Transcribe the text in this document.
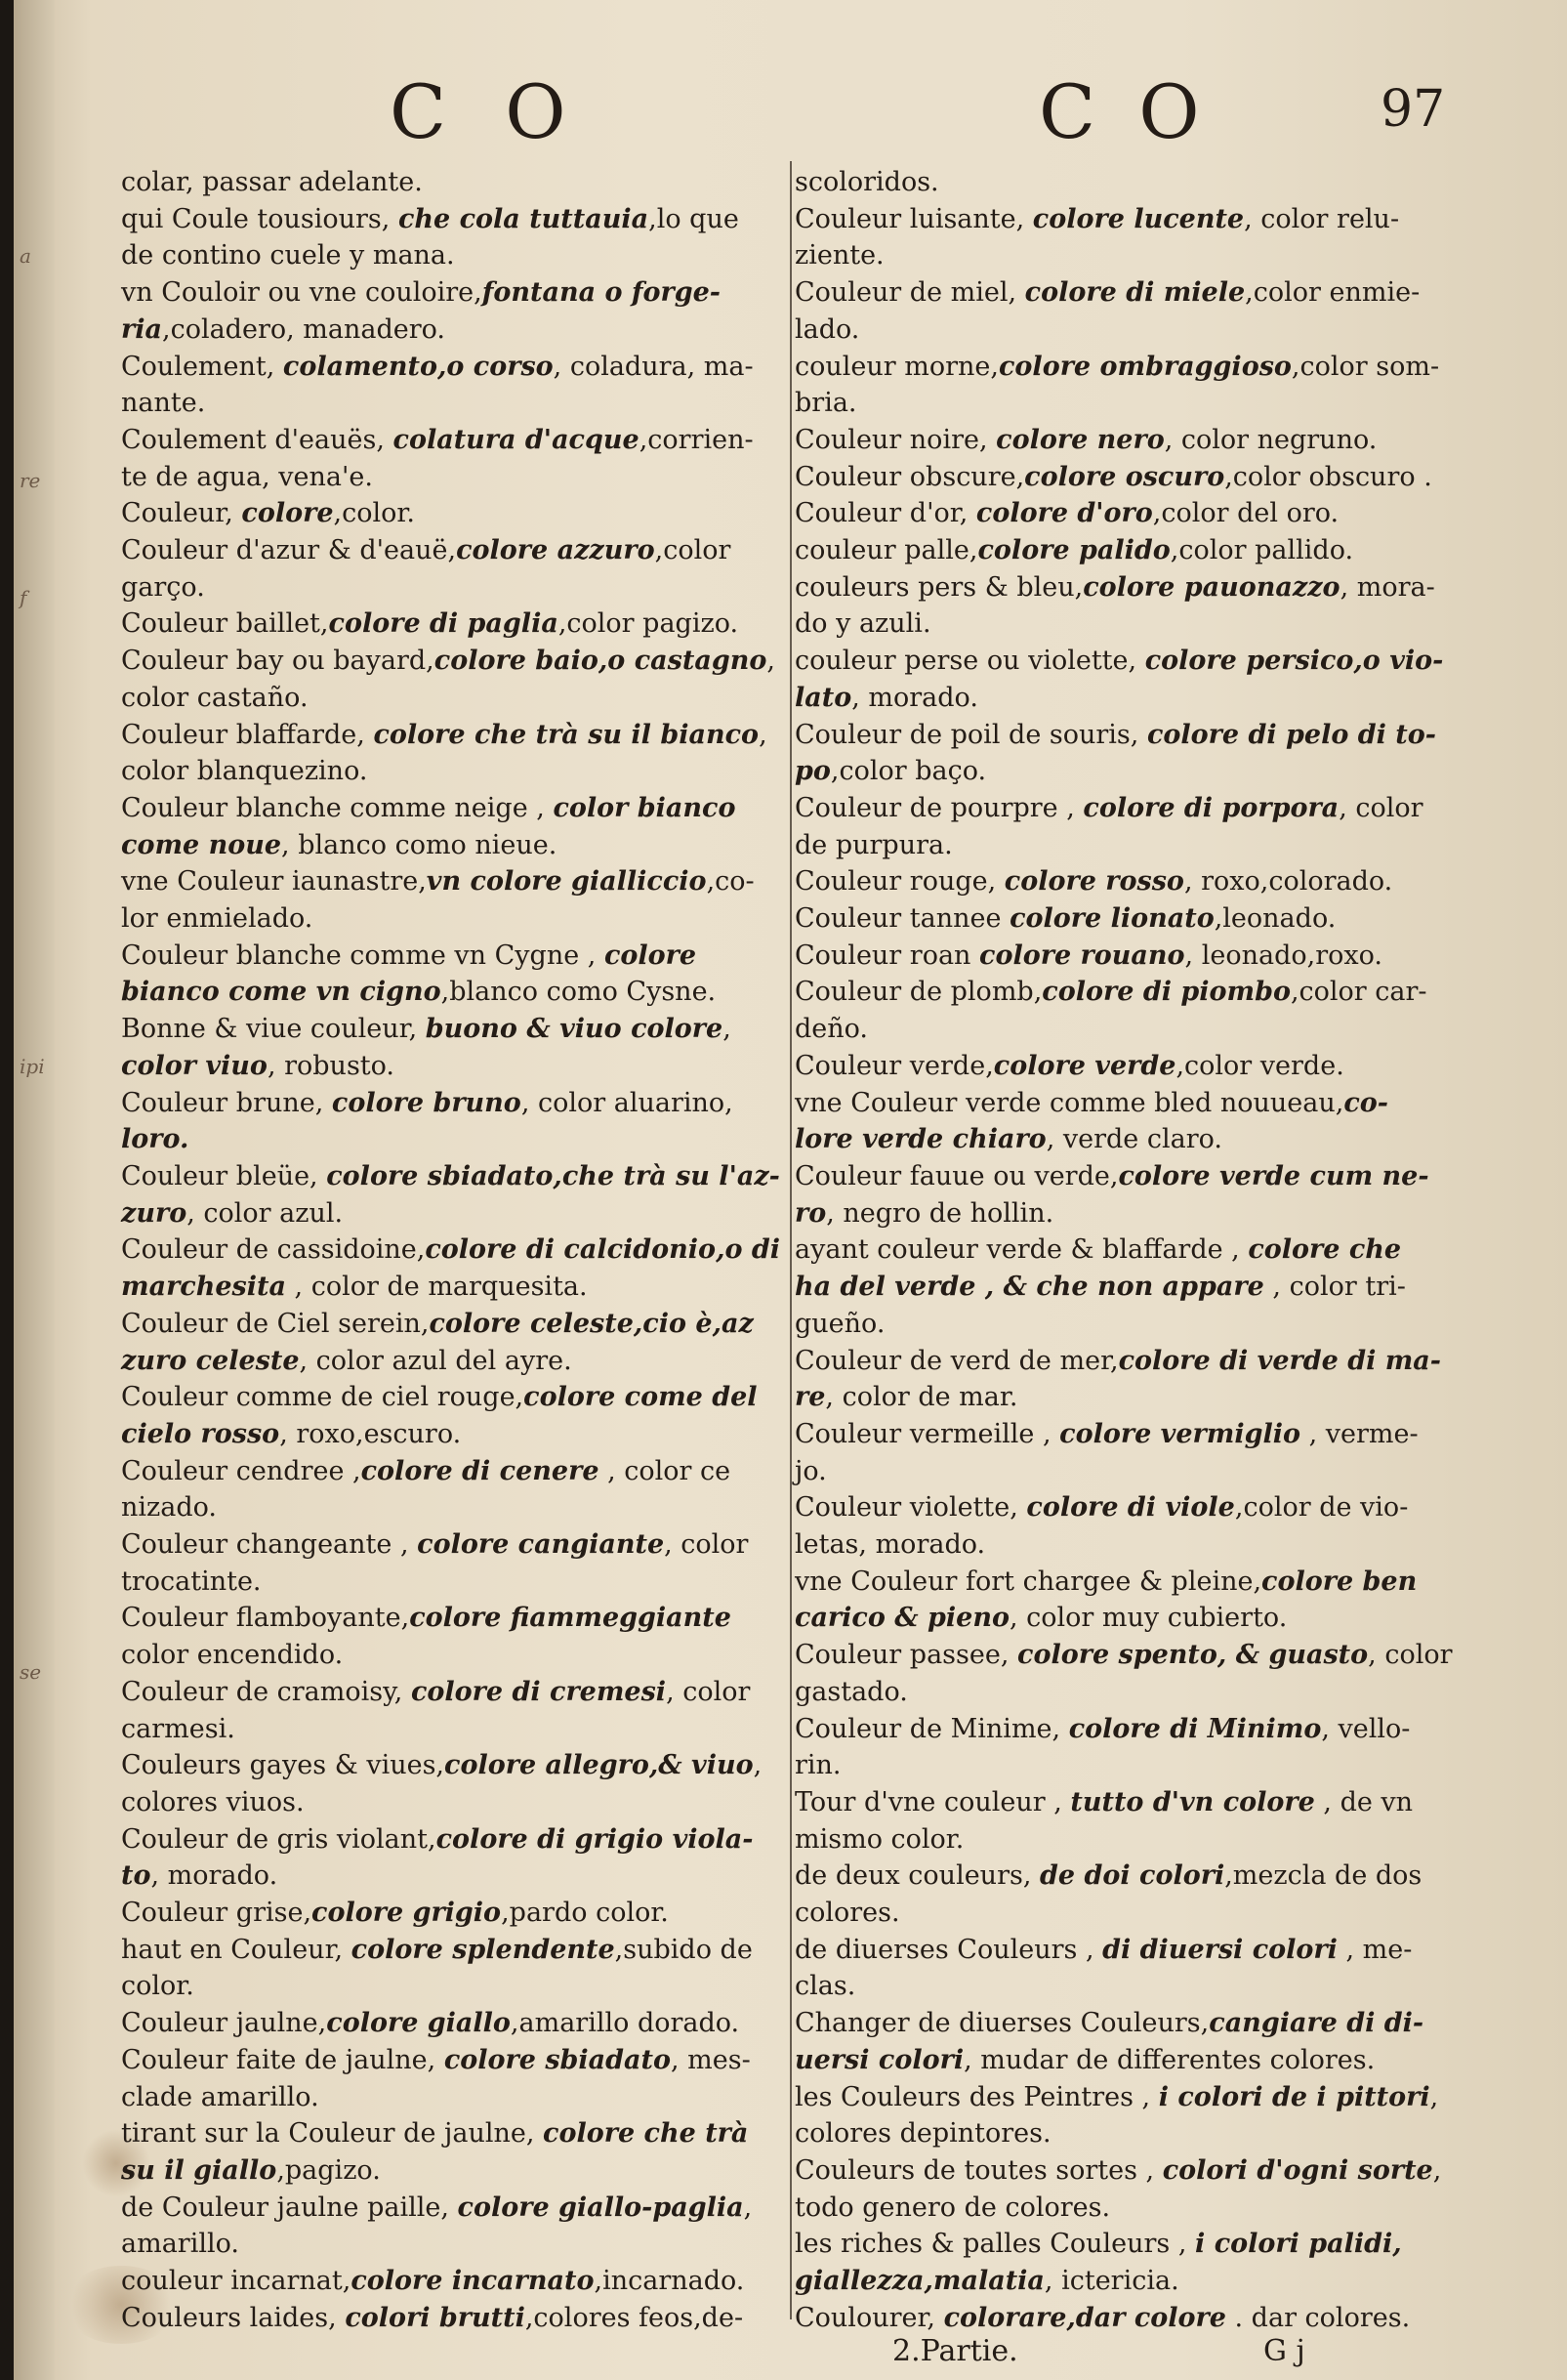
a
re
f
ipi
se
C O	C O	97
colar, passar adelante.
qui Coule tousiours, che cola tuttauia,lo que
de contino cuele y mana.
vn Couloir ou vne couloire,fontana o forge-
ria,coladero, manadero.
Coulement, colamento,o corso, coladura, ma-
nante.
Coulement d'eauës, colatura d'acque,corrien-
te de agua, vena'e.
Couleur, colore,color.
Couleur d'azur & d'eauë,colore azzuro,color
garço.
Couleur baillet,colore di paglia,color pagizo.
Couleur bay ou bayard,colore baio,o castagno,
color castaño.
Couleur blaffarde, colore che trà su il bianco,
color blanquezino.
Couleur blanche comme neige , color bianco
come noue, blanco como nieue.
vne Couleur iaunastre,vn colore gialliccio,co-
lor enmielado.
Couleur blanche comme vn Cygne , colore
bianco come vn cigno,blanco como Cysne.
Bonne & viue couleur, buono & viuo colore,
color viuo, robusto.
Couleur brune, colore bruno, color aluarino,
loro.
Couleur bleüe, colore sbiadato,che trà su l'az-
zuro, color azul.
Couleur de cassidoine,colore di calcidonio,o di
marchesita , color de marquesita.
Couleur de Ciel serein,colore celeste,cio è,az
zuro celeste, color azul del ayre.
Couleur comme de ciel rouge,colore come del
cielo rosso, roxo,escuro.
Couleur cendree ,colore di cenere , color ce
nizado.
Couleur changeante , colore cangiante, color
trocatinte.
Couleur flamboyante,colore fiammeggiante
color encendido.
Couleur de cramoisy, colore di cremesi, color
carmesi.
Couleurs gayes & viues,colore allegro,& viuo,
colores viuos.
Couleur de gris violant,colore di grigio viola-
to, morado.
Couleur grise,colore grigio,pardo color.
haut en Couleur, colore splendente,subido de
color.
Couleur jaulne,colore giallo,amarillo dorado.
Couleur faite de jaulne, colore sbiadato, mes-
clade amarillo.
tirant sur la Couleur de jaulne, colore che trà
su il giallo,pagizo.
de Couleur jaulne paille, colore giallo-paglia,
amarillo.
couleur incarnat,colore incarnato,incarnado.
Couleurs laides, colori brutti,colores feos,de-
scoloridos.
Couleur luisante, colore lucente, color relu-
ziente.
Couleur de miel, colore di miele,color enmie-
lado.
couleur morne,colore ombraggioso,color som-
bria.
Couleur noire, colore nero, color negruno.
Couleur obscure,colore oscuro,color obscuro .
Couleur d'or, colore d'oro,color del oro.
couleur palle,colore palido,color pallido.
couleurs pers & bleu,colore pauonazzo, mora-
do y azuli.
couleur perse ou violette, colore persico,o vio-
lato, morado.
Couleur de poil de souris, colore di pelo di to-
po,color baço.
Couleur de pourpre , colore di porpora, color
de purpura.
Couleur rouge, colore rosso, roxo,colorado.
Couleur tannee colore lionato,leonado.
Couleur roan colore rouano, leonado,roxo.
Couleur de plomb,colore di piombo,color car-
deño.
Couleur verde,colore verde,color verde.
vne Couleur verde comme bled nouueau,co-
lore verde chiaro, verde claro.
Couleur fauue ou verde,colore verde cum ne-
ro, negro de hollin.
ayant couleur verde & blaffarde , colore che
ha del verde , & che non appare , color tri-
gueño.
Couleur de verd de mer,colore di verde di ma-
re, color de mar.
Couleur vermeille , colore vermiglio , verme-
jo.
Couleur violette, colore di viole,color de vio-
letas, morado.
vne Couleur fort chargee & pleine,colore ben
carico & pieno, color muy cubierto.
Couleur passee, colore spento, & guasto, color
gastado.
Couleur de Minime, colore di Minimo, vello-
rin.
Tour d'vne couleur , tutto d'vn colore , de vn
mismo color.
de deux couleurs, de doi colori,mezcla de dos
colores.
de diuerses Couleurs , di diuersi colori , me-
clas.
Changer de diuerses Couleurs,cangiare di di-
uersi colori, mudar de differentes colores.
les Couleurs des Peintres , i colori de i pittori,
colores depintores.
Couleurs de toutes sortes , colori d'ogni sorte,
todo genero de colores.
les riches & palles Couleurs , i colori palidi,
giallezza,malatia, ictericia.
Coulourer, colorare,dar colore . dar colores.
2.Partie.	G j
